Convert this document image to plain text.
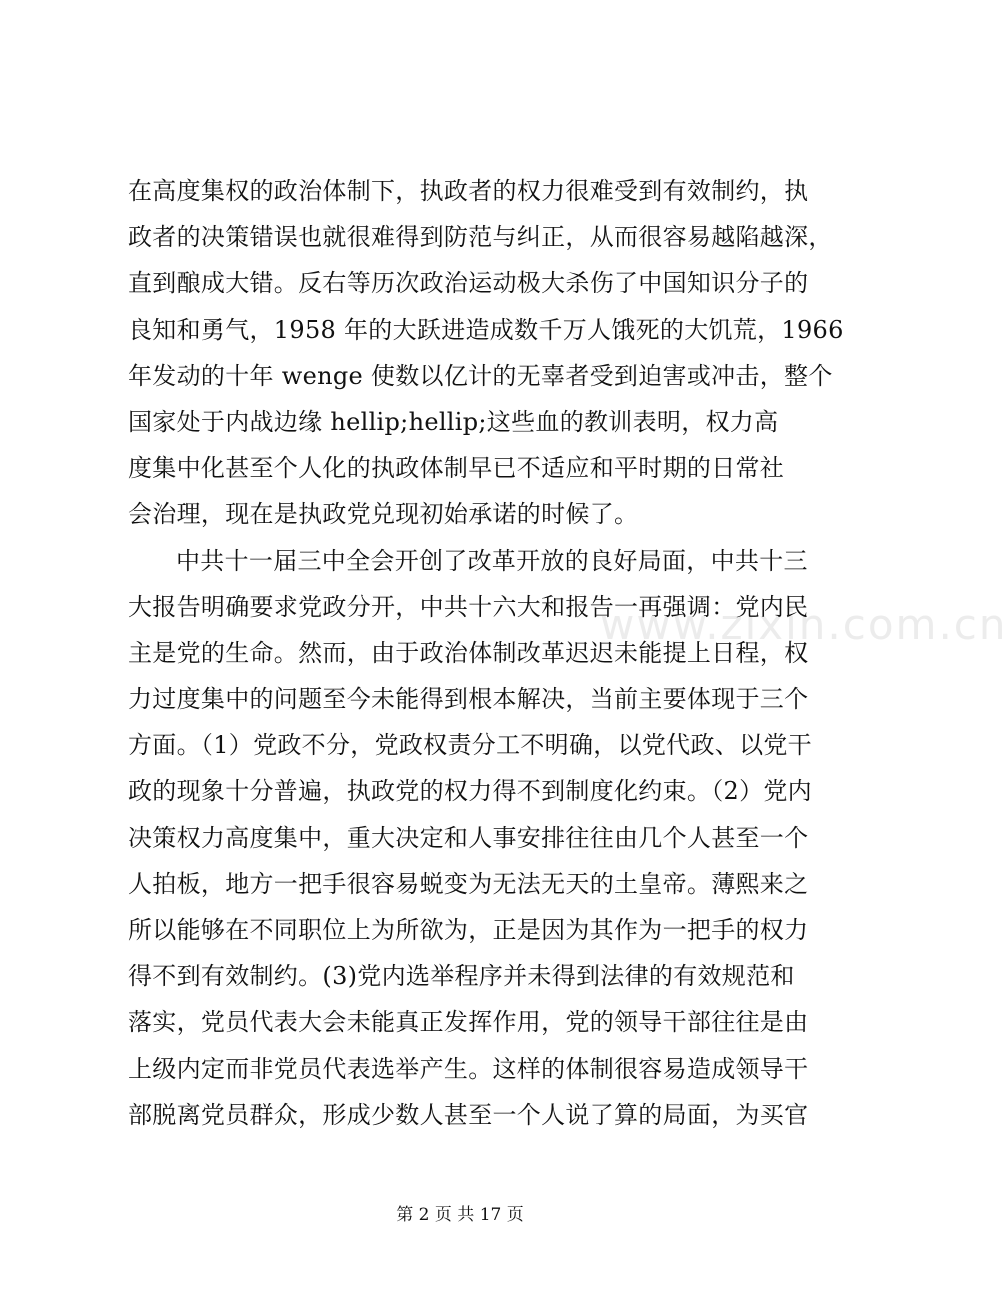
www.zixin.com.cn
在高度集权的政治体制下，执政者的权力很难受到有效制约，执
政者的决策错误也就很难得到防范与纠正，从而很容易越陷越深，
直到酿成大错。反右等历次政治运动极大杀伤了中国知识分子的
良知和勇气，1958 年的大跃进造成数千万人饿死的大饥荒，1966
年发动的十年 wenge 使数以亿计的无辜者受到迫害或冲击，整个
国家处于内战边缘 hellip;hellip;这些血的教训表明，权力高
度集中化甚至个人化的执政体制早已不适应和平时期的日常社
会治理，现在是执政党兑现初始承诺的时候了。
中共十一届三中全会开创了改革开放的良好局面，中共十三
大报告明确要求党政分开，中共十六大和报告一再强调：党内民
主是党的生命。然而，由于政治体制改革迟迟未能提上日程，权
力过度集中的问题至今未能得到根本解决，当前主要体现于三个
方面。（1）党政不分，党政权责分工不明确，以党代政、以党干
政的现象十分普遍，执政党的权力得不到制度化约束。（2）党内
决策权力高度集中，重大决定和人事安排往往由几个人甚至一个
人拍板，地方一把手很容易蜕变为无法无天的土皇帝。薄熙来之
所以能够在不同职位上为所欲为，正是因为其作为一把手的权力
得不到有效制约。(3)党内选举程序并未得到法律的有效规范和
落实，党员代表大会未能真正发挥作用，党的领导干部往往是由
上级内定而非党员代表选举产生。这样的体制很容易造成领导干
部脱离党员群众，形成少数人甚至一个人说了算的局面，为买官
第 2 页 共 17 页
